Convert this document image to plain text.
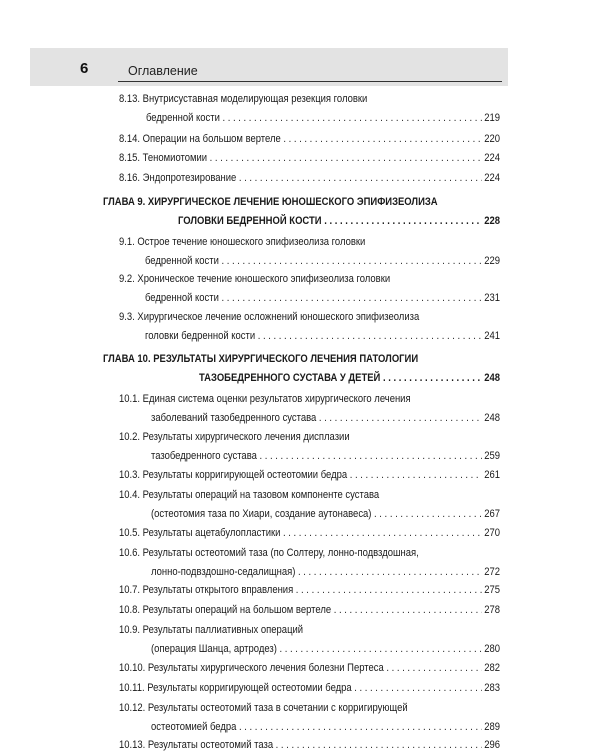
6	Оглавление
8.13. Внутрисуставная моделирующая резекция головки
бедренной кости . . .	219
8.14. Операции на большом вертеле . . .	220
8.15. Теномиотомии . . .	224
8.16. Эндопротезирование . . .	224
ГЛАВА 9. ХИРУРГИЧЕСКОЕ ЛЕЧЕНИЕ ЮНОШЕСКОГО ЭПИФИЗЕОЛИЗА
ГОЛОВКИ БЕДРЕННОЙ КОСТИ . . .	228
9.1. Острое течение юношеского эпифизеолиза головки
бедренной кости . . .	229
9.2. Хроническое течение юношеского эпифизеолиза головки
бедренной кости . . .	231
9.3. Хирургическое лечение осложнений юношеского эпифизеолиза
головки бедренной кости . . .	241
ГЛАВА 10. РЕЗУЛЬТАТЫ ХИРУРГИЧЕСКОГО ЛЕЧЕНИЯ ПАТОЛОГИИ
ТАЗОБЕДРЕННОГО СУСТАВА У ДЕТЕЙ . . .	248
10.1. Единая система оценки результатов хирургического лечения
заболеваний тазобедренного сустава . . .	248
10.2. Результаты хирургического лечения дисплазии
тазобедренного сустава . . .	259
10.3. Результаты корригирующей остеотомии бедра . . .	261
10.4. Результаты операций на тазовом компоненте сустава
(остеотомия таза по Хиари, создание аутонавеса) . . .	267
10.5. Результаты ацетабулопластики . . .	270
10.6. Результаты остеотомий таза (по Солтеру, лонно-подвздошная,
лонно-подвздошно-седалищная) . . .	272
10.7. Результаты открытого вправления . . .	275
10.8. Результаты операций на большом вертеле . . .	278
10.9. Результаты паллиативных операций
(операция Шанца, артродез) . . .	280
10.10. Результаты хирургического лечения болезни Пертеса . . .	282
10.11. Результаты корригирующей остеотомии бедра . . .	283
10.12. Результаты остеотомий таза в сочетании с корригирующей
остеотомией бедра . . .	289
10.13. Результаты остеотомий таза . . .	296
